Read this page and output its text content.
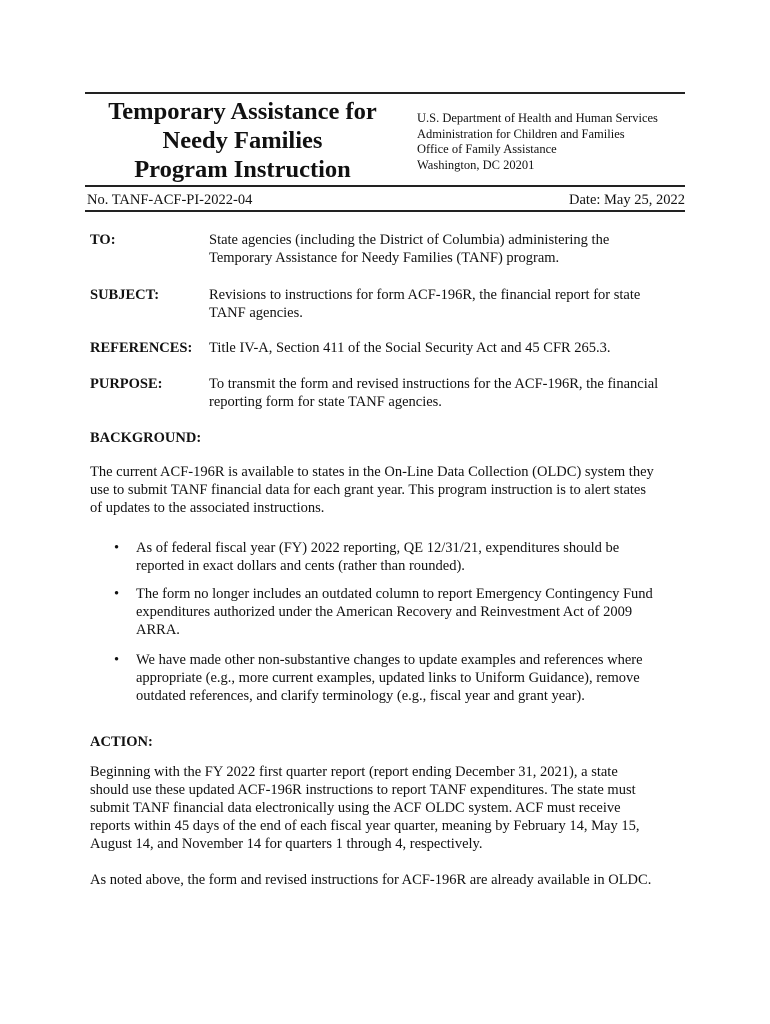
Temporary Assistance for
Needy Families
Program Instruction
U.S. Department of Health and Human Services
Administration for Children and Families
Office of Family Assistance
Washington, DC 20201
No. TANF-ACF-PI-2022-04	Date: May 25, 2022
TO:	State agencies (including the District of Columbia) administering the
Temporary Assistance for Needy Families (TANF) program.
SUBJECT:	Revisions to instructions for form ACF-196R, the financial report for state
TANF agencies.
REFERENCES: Title IV-A, Section 411 of the Social Security Act and 45 CFR 265.3.
PURPOSE:	To transmit the form and revised instructions for the ACF-196R, the financial
reporting form for state TANF agencies.
BACKGROUND:
The current ACF-196R is available to states in the On-Line Data Collection (OLDC) system they
use to submit TANF financial data for each grant year. This program instruction is to alert states
of updates to the associated instructions.
• As of federal fiscal year (FY) 2022 reporting, QE 12/31/21, expenditures should be
reported in exact dollars and cents (rather than rounded).
• The form no longer includes an outdated column to report Emergency Contingency Fund
expenditures authorized under the American Recovery and Reinvestment Act of 2009
ARRA.
• We have made other non-substantive changes to update examples and references where
appropriate (e.g., more current examples, updated links to Uniform Guidance), remove
outdated references, and clarify terminology (e.g., fiscal year and grant year).
ACTION:
Beginning with the FY 2022 first quarter report (report ending December 31, 2021), a state
should use these updated ACF-196R instructions to report TANF expenditures. The state must
submit TANF financial data electronically using the ACF OLDC system. ACF must receive
reports within 45 days of the end of each fiscal year quarter, meaning by February 14, May 15,
August 14, and November 14 for quarters 1 through 4, respectively.
As noted above, the form and revised instructions for ACF-196R are already available in OLDC.
